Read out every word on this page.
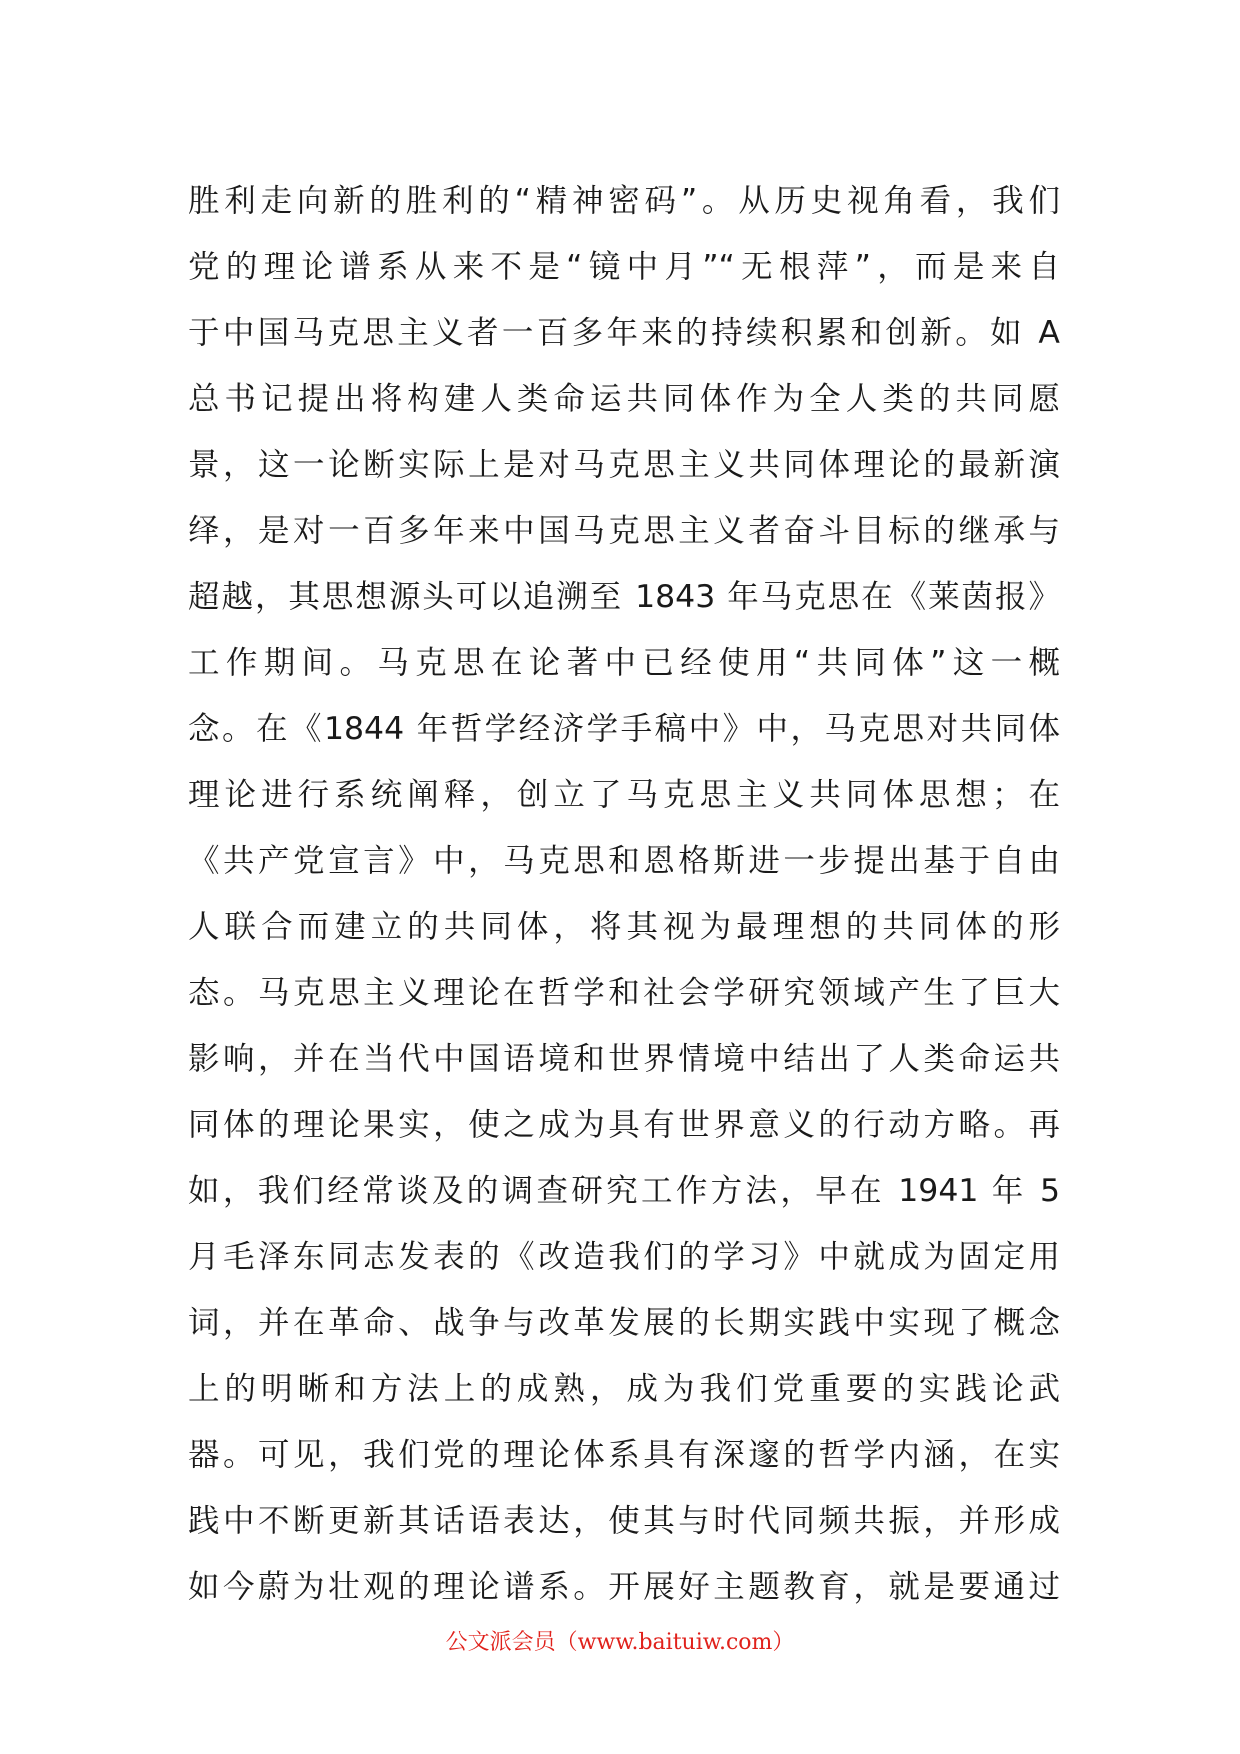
胜利走向新的胜利的“精神密码”。从历史视角看，我们
党的理论谱系从来不是“镜中月”“无根萍”，而是来自
于中国马克思主义者一百多年来的持续积累和创新。如 A
总书记提出将构建人类命运共同体作为全人类的共同愿
景，这一论断实际上是对马克思主义共同体理论的最新演
绎，是对一百多年来中国马克思主义者奋斗目标的继承与
超越，其思想源头可以追溯至 1843 年马克思在《莱茵报》
工作期间。马克思在论著中已经使用“共同体”这一概
念。在《1844 年哲学经济学手稿中》中，马克思对共同体
理论进行系统阐释，创立了马克思主义共同体思想；在
《共产党宣言》中，马克思和恩格斯进一步提出基于自由
人联合而建立的共同体，将其视为最理想的共同体的形
态。马克思主义理论在哲学和社会学研究领域产生了巨大
影响，并在当代中国语境和世界情境中结出了人类命运共
同体的理论果实，使之成为具有世界意义的行动方略。再
如，我们经常谈及的调查研究工作方法，早在 1941 年 5
月毛泽东同志发表的《改造我们的学习》中就成为固定用
词，并在革命、战争与改革发展的长期实践中实现了概念
上的明晰和方法上的成熟，成为我们党重要的实践论武
器。可见，我们党的理论体系具有深邃的哲学内涵，在实
践中不断更新其话语表达，使其与时代同频共振，并形成
如今蔚为壮观的理论谱系。开展好主题教育，就是要通过
公文派会员（www.baituiw.com）
